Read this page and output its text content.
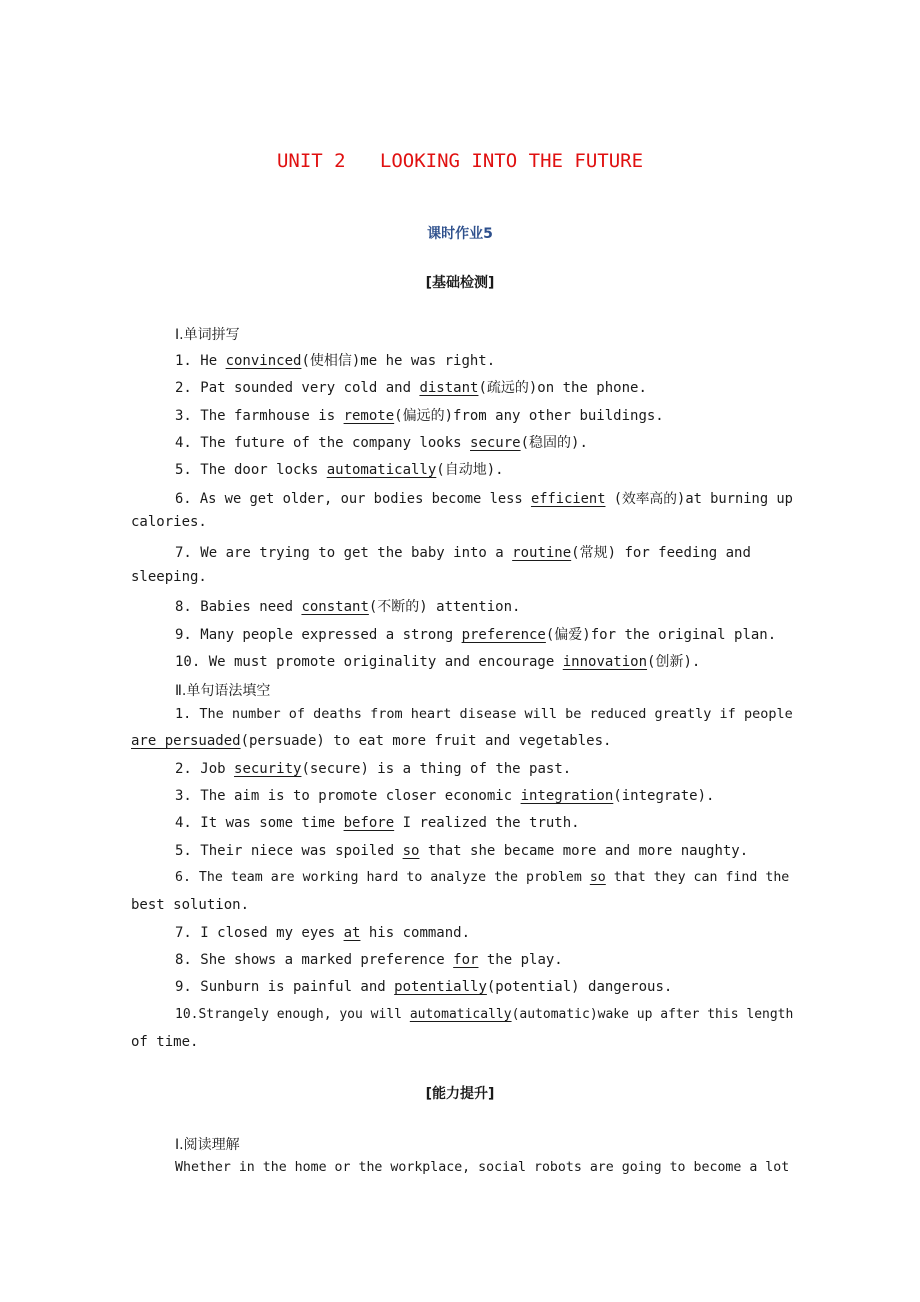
UNIT 2   LOOKING INTO THE FUTURE
课时作业5
[基础检测]
Ⅰ.单词拼写
1. He convinced(使相信)me he was right.
2. Pat sounded very cold and distant(疏远的)on the phone.
3. The farmhouse is remote(偏远的)from any other buildings.
4. The future of the company looks secure(稳固的).
5. The door locks automatically(自动地).
6. As we get older, our bodies become less efficient (效率高的)at burning up
calories.
7. We are trying to get the baby into a routine(常规) for feeding and
sleeping.
8. Babies need constant(不断的) attention.
9. Many people expressed a strong preference(偏爱)for the original plan.
10. We must promote originality and encourage innovation(创新).
Ⅱ.单句语法填空
1. The number of deaths from heart disease will be reduced greatly if people
are persuaded(persuade) to eat more fruit and vegetables.
2. Job security(secure) is a thing of the past.
3. The aim is to promote closer economic integration(integrate).
4. It was some time before I realized the truth.
5. Their niece was spoiled so that she became more and more naughty.
6. The team are working hard to analyze the problem so that they can find the
best solution.
7. I closed my eyes at his command.
8. She shows a marked preference for the play.
9. Sunburn is painful and potentially(potential) dangerous.
10.Strangely enough, you will automatically(automatic)wake up after this length
of time.
[能力提升]
Ⅰ.阅读理解
Whether in the home or the workplace, social robots are going to become a lot
